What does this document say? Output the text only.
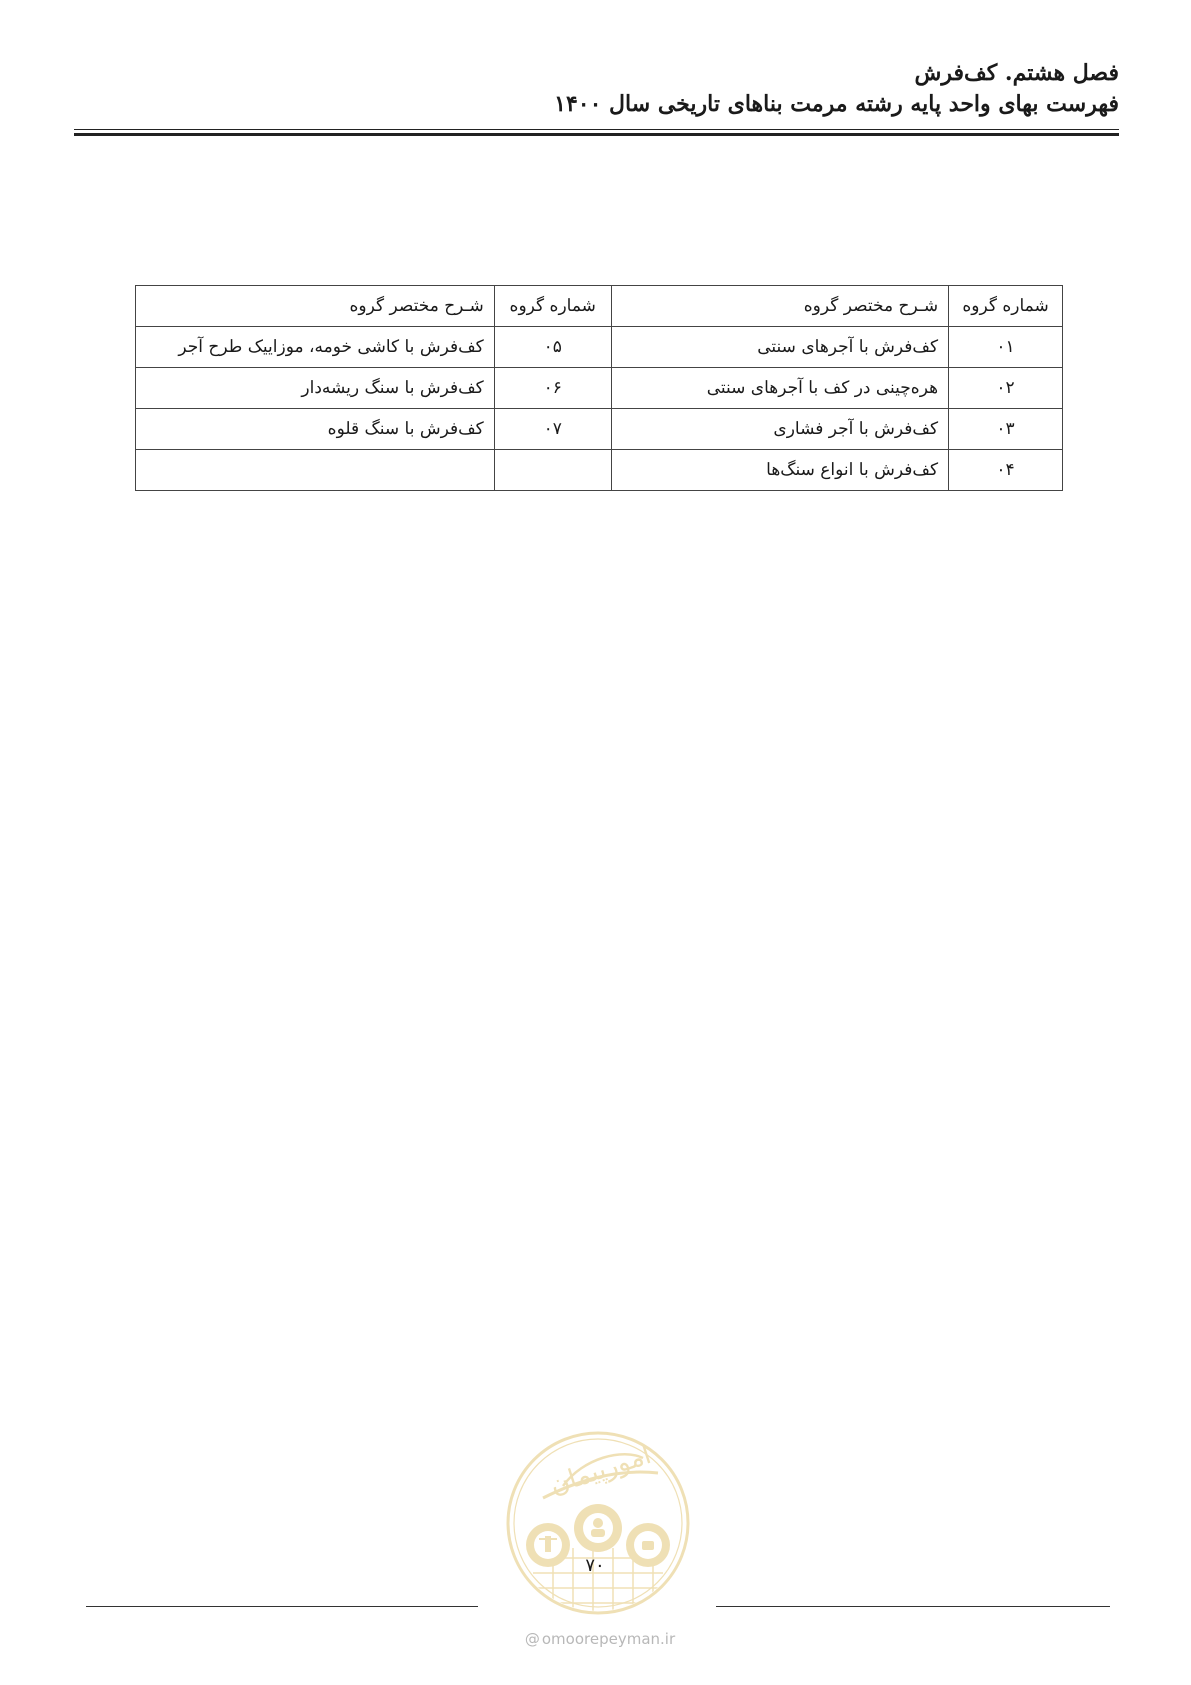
فصل هشتم. کف‌فرش

فهرست بهای واحد پایه رشته مرمت بناهای تاریخی سال ۱۴۰۰

شماره گروه	شـرح مختصر گروه	شماره گروه	شـرح مختصر گروه
۰۱	کف‌فرش با آجرهای سنتی	۰۵	کف‌فرش با کاشی خومه، موزاییک طرح آجر
۰۲	هره‌چینی در کف با آجرهای سنتی	۰۶	کف‌فرش با سنگ ریشه‌دار
۰۳	کف‌فرش با آجر فشاری	۰۷	کف‌فرش با سنگ قلوه
۰۴	کف‌فرش با انواع سنگ‌ها		
امورپیمان
۷۰
@ omoorepeyman.ir
